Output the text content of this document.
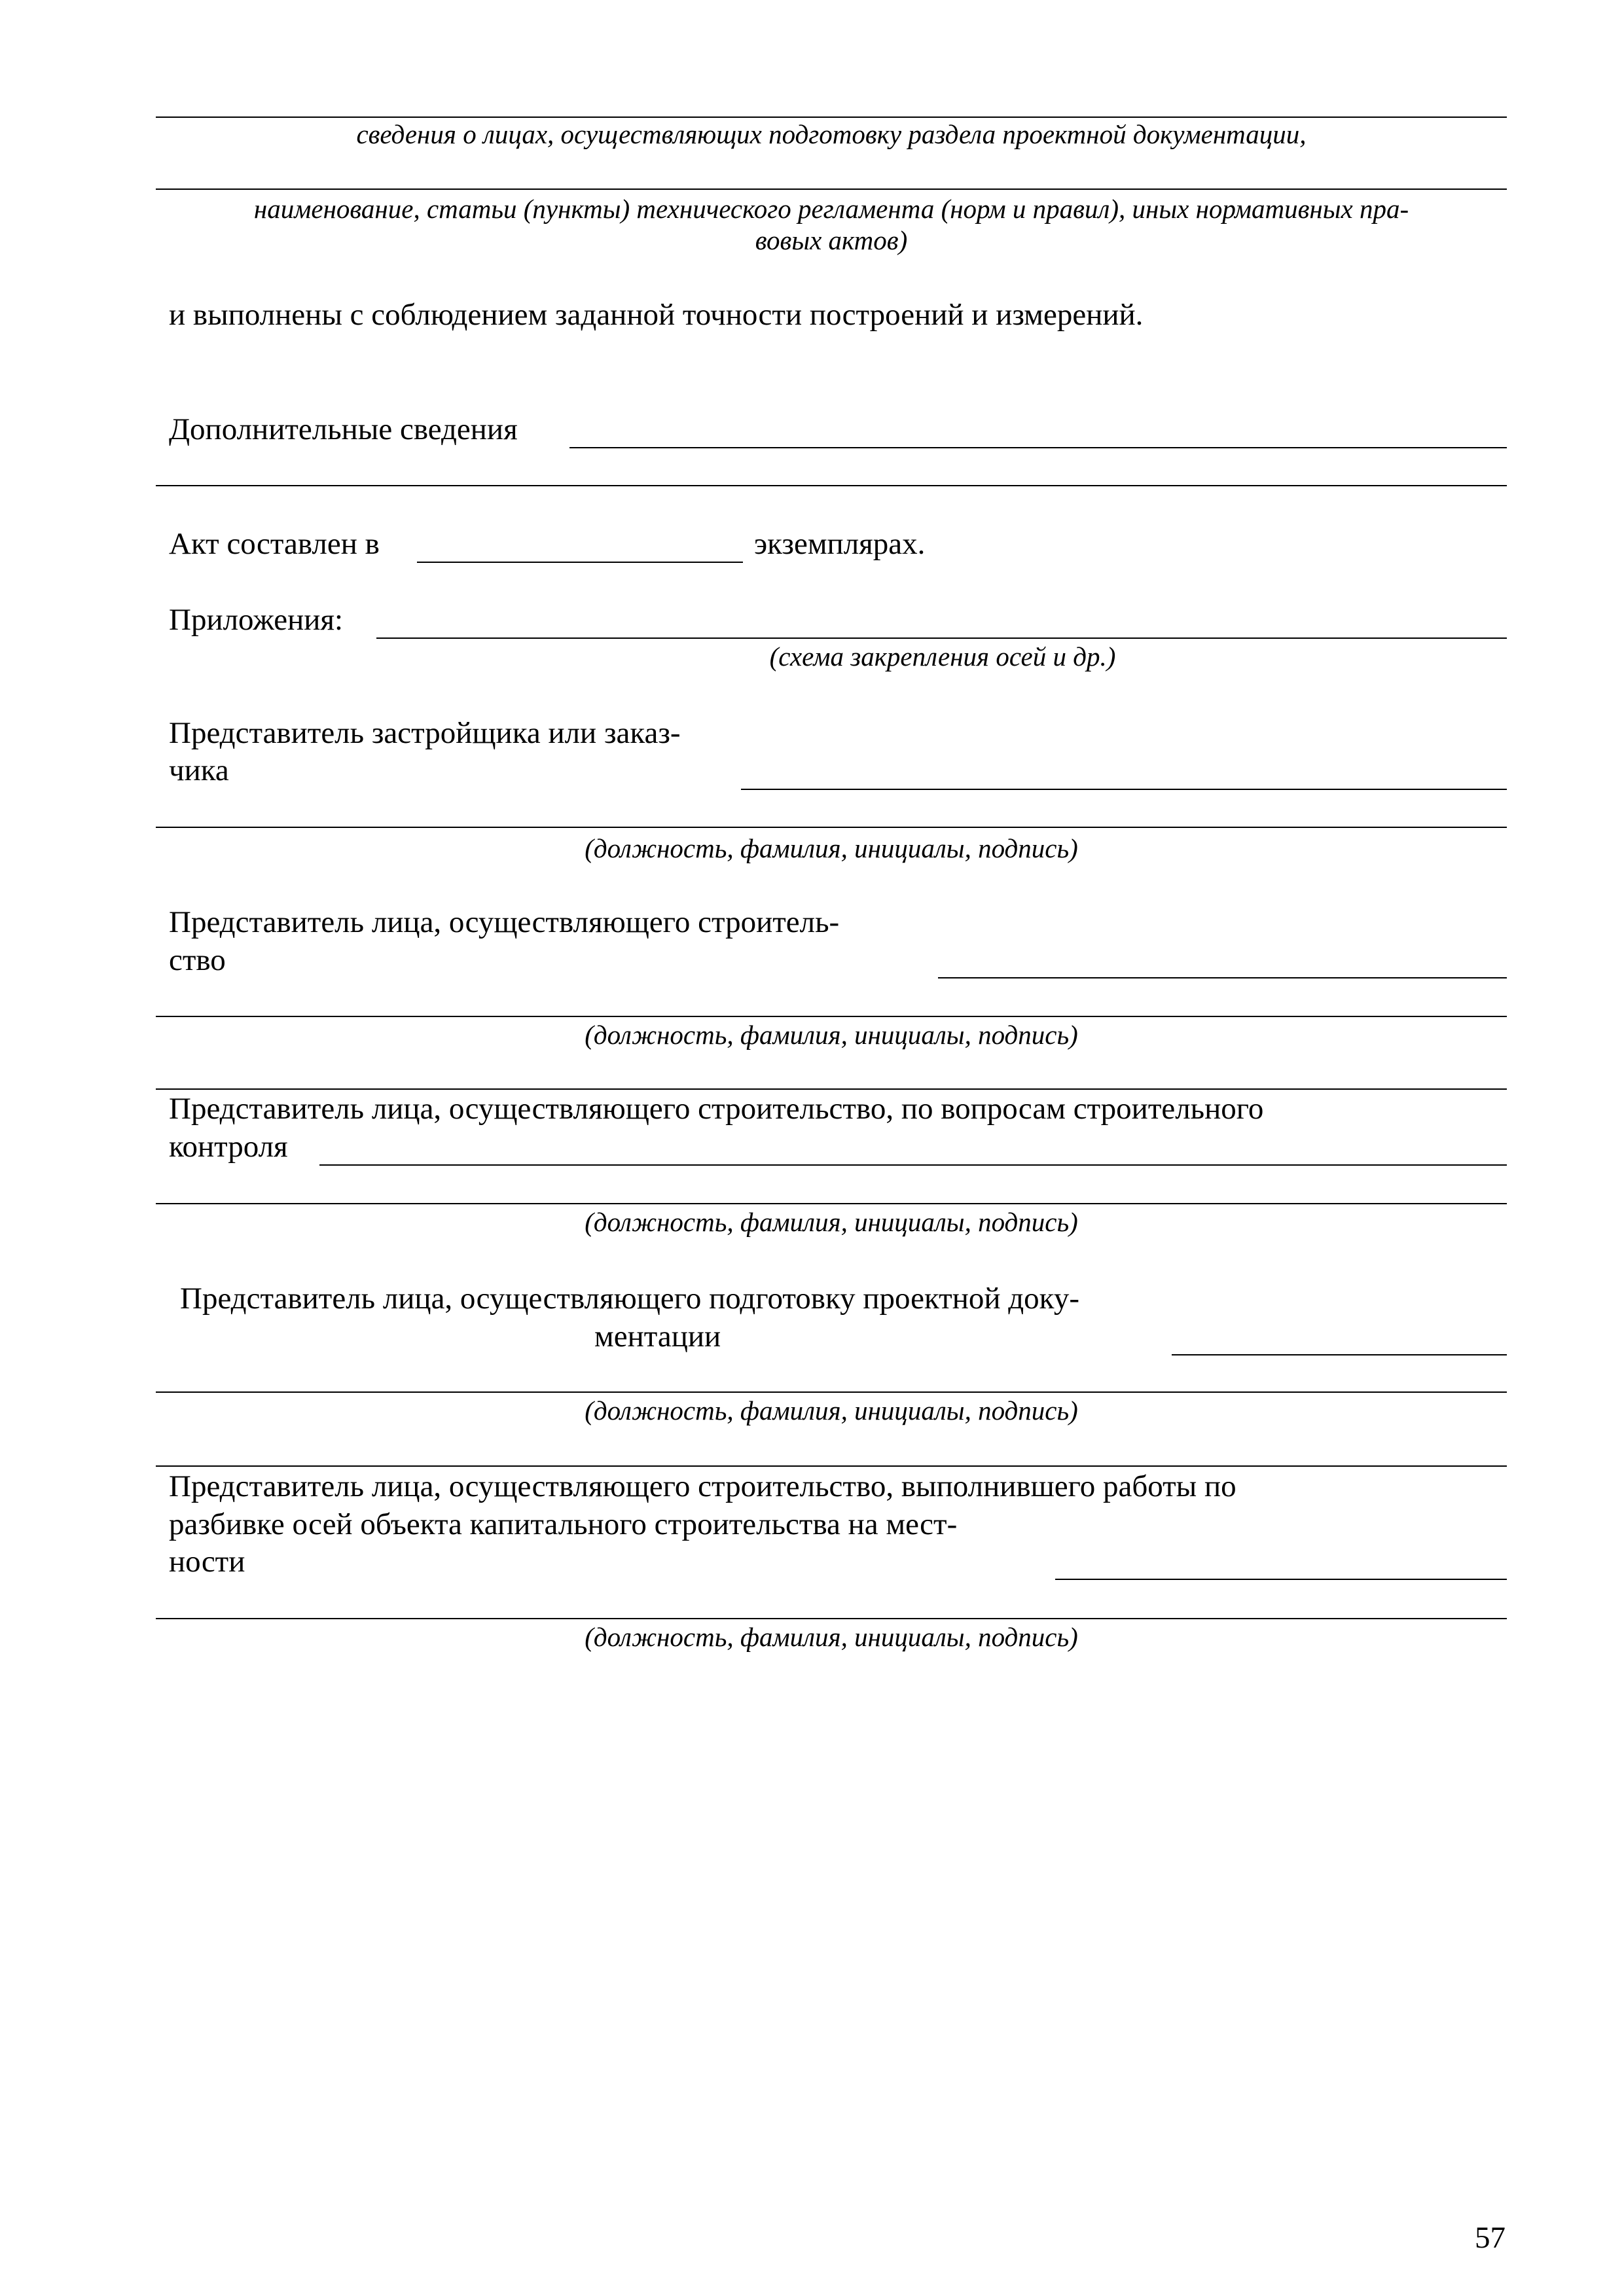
сведения о лицах, осуществляющих подготовку раздела проектной документации,
наименование, статьи (пункты) технического регламента (норм и правил), иных нормативных пра-
вовых актов)
и выполнены с соблюдением заданной точности построений и измерений.
Дополнительные сведения
Акт составлен в	экземплярах.
Приложения:
(схема закрепления осей и др.)
Представитель застройщика или заказ-
чика
(должность, фамилия, инициалы, подпись)
Представитель лица, осуществляющего строитель-
ство
(должность, фамилия, инициалы, подпись)
Представитель лица, осуществляющего строительство, по вопросам строительного
контроля
(должность, фамилия, инициалы, подпись)
Представитель лица, осуществляющего подготовку проектной доку-
ментации
(должность, фамилия, инициалы, подпись)
Представитель лица, осуществляющего строительство, выполнившего работы по
разбивке осей объекта капитального строительства на мест-
ности
(должность, фамилия, инициалы, подпись)
57
